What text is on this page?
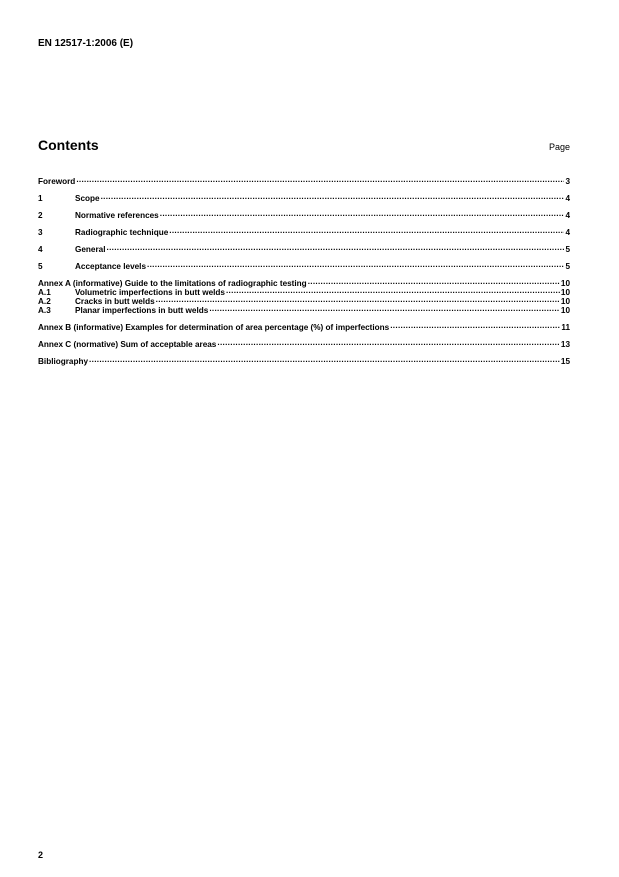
EN 12517-1:2006 (E)
Contents	Page
Foreword .....	3
1	Scope .....	4
2	Normative references .....	4
3	Radiographic technique .....	4
4	General .....	5
5	Acceptance levels .....	5
Annex A (informative) Guide to the limitations of radiographic testing .....	10
A.1	Volumetric imperfections in butt welds .....	10
A.2	Cracks in butt welds .....	10
A.3	Planar imperfections in butt welds .....	10
Annex B (informative) Examples for determination of area percentage (%) of imperfections .....	11
Annex C (normative) Sum of acceptable areas .....	13
Bibliography .....	15
2
